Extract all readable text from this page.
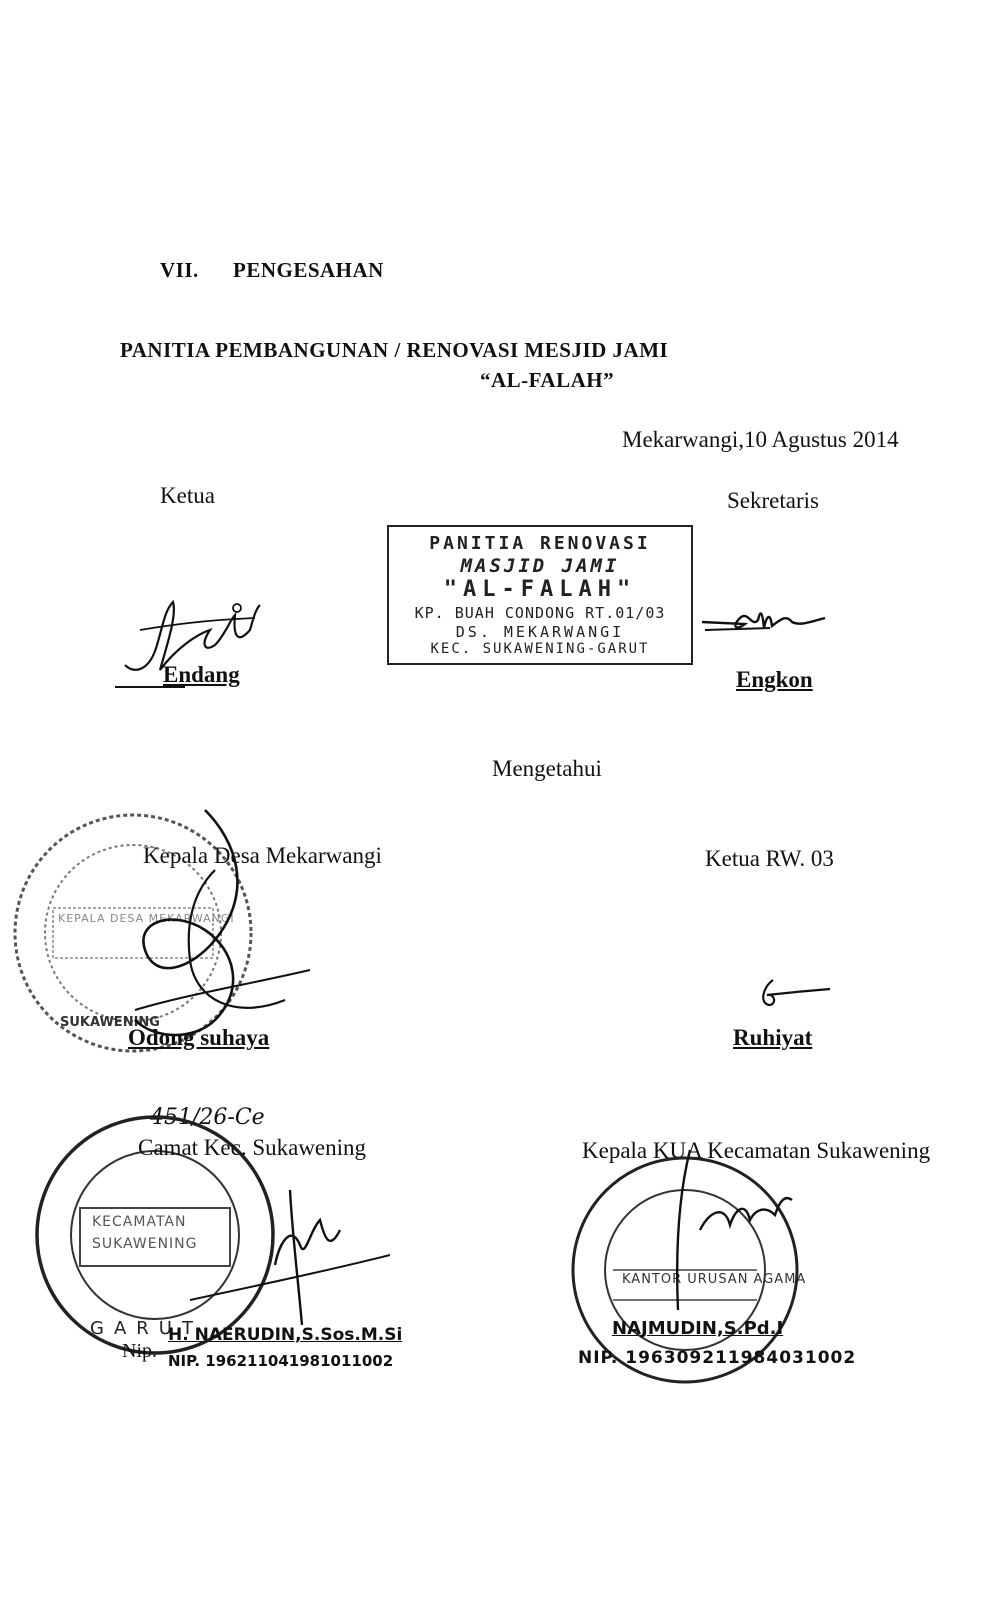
VII. PENGESAHAN
PANITIA PEMBANGUNAN / RENOVASI MESJID JAMI
“AL-FALAH”
Mekarwangi,10 Agustus 2014
Ketua	Sekretaris
PANITIA RENOVASI
MASJID JAMI
"AL-FALAH"
KP. BUAH CONDONG RT.01/03
DS. MEKARWANGI
KEC. SUKAWENING-GARUT
Endang	Engkon
Mengetahui
KEPALA DESA MEKARWANGI
SUKAWENING
Kepala Desa Mekarwangi	Ketua RW. 03
Odong suhaya	Ruhiyat
451/26-Ce
KECAMATAN
SUKAWENING
GARUT
Camat Kec. Sukawening
H. NAERUDIN,S.Sos.M.Si
Nip. NIP. 196211041981011002
Kepala KUA Kecamatan Sukawening
KANTOR URUSAN AGAMA
NAJMUDIN,S.Pd.I
NIP. 196309211984031002
